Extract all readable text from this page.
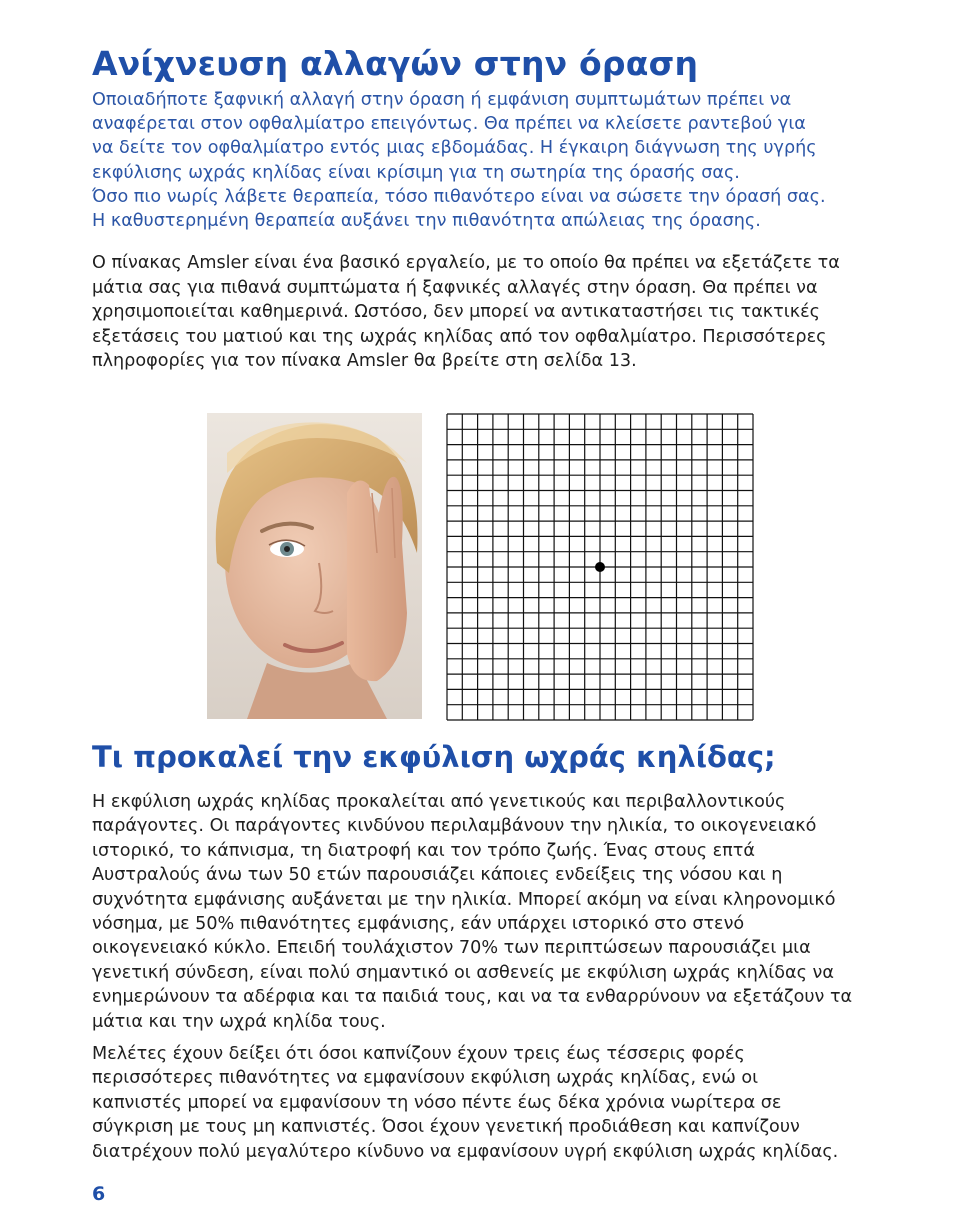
Ανίχνευση αλλαγών στην όραση

Οποιαδήποτε ξαφνική αλλαγή στην όραση ή εμφάνιση συμπτωμάτων πρέπει να
αναφέρεται στον οφθαλμίατρο επειγόντως. Θα πρέπει να κλείσετε ραντεβού για
να δείτε τον οφθαλμίατρο εντός μιας εβδομάδας. Η έγκαιρη διάγνωση της υγρής
εκφύλισης ωχράς κηλίδας είναι κρίσιμη για τη σωτηρία της όρασής σας.
Όσο πιο νωρίς λάβετε θεραπεία, τόσο πιθανότερο είναι να σώσετε την όρασή σας.
Η καθυστερημένη θεραπεία αυξάνει την πιθανότητα απώλειας της όρασης.

Ο πίνακας Amsler είναι ένα βασικό εργαλείο, με το οποίο θα πρέπει να εξετάζετε τα
μάτια σας για πιθανά συμπτώματα ή ξαφνικές αλλαγές στην όραση. Θα πρέπει να
χρησιμοποιείται καθημερινά. Ωστόσο, δεν μπορεί να αντικαταστήσει τις τακτικές
εξετάσεις του ματιού και της ωχράς κηλίδας από τον οφθαλμίατρο. Περισσότερες
πληροφορίες για τον πίνακα Amsler θα βρείτε στη σελίδα 13.

Τι προκαλεί την εκφύλιση ωχράς κηλίδας;

Η εκφύλιση ωχράς κηλίδας προκαλείται από γενετικούς και περιβαλλοντικούς
παράγοντες. Οι παράγοντες κινδύνου περιλαμβάνουν την ηλικία, το οικογενειακό
ιστορικό, το κάπνισμα, τη διατροφή και τον τρόπο ζωής. Ένας στους επτά
Αυστραλούς άνω των 50 ετών παρουσιάζει κάποιες ενδείξεις της νόσου και η
συχνότητα εμφάνισης αυξάνεται με την ηλικία. Μπορεί ακόμη να είναι κληρονομικό
νόσημα, με 50% πιθανότητες εμφάνισης, εάν υπάρχει ιστορικό στο στενό
οικογενειακό κύκλο. Επειδή τουλάχιστον 70% των περιπτώσεων παρουσιάζει μια
γενετική σύνδεση, είναι πολύ σημαντικό οι ασθενείς με εκφύλιση ωχράς κηλίδας να
ενημερώνουν τα αδέρφια και τα παιδιά τους, και να τα ενθαρρύνουν να εξετάζουν τα
μάτια και την ωχρά κηλίδα τους.

Μελέτες έχουν δείξει ότι όσοι καπνίζουν έχουν τρεις έως τέσσερις φορές
περισσότερες πιθανότητες να εμφανίσουν εκφύλιση ωχράς κηλίδας, ενώ οι
καπνιστές μπορεί να εμφανίσουν τη νόσο πέντε έως δέκα χρόνια νωρίτερα σε
σύγκριση με τους μη καπνιστές. Όσοι έχουν γενετική προδιάθεση και καπνίζουν
διατρέχουν πολύ μεγαλύτερο κίνδυνο να εμφανίσουν υγρή εκφύλιση ωχράς κηλίδας.

6
